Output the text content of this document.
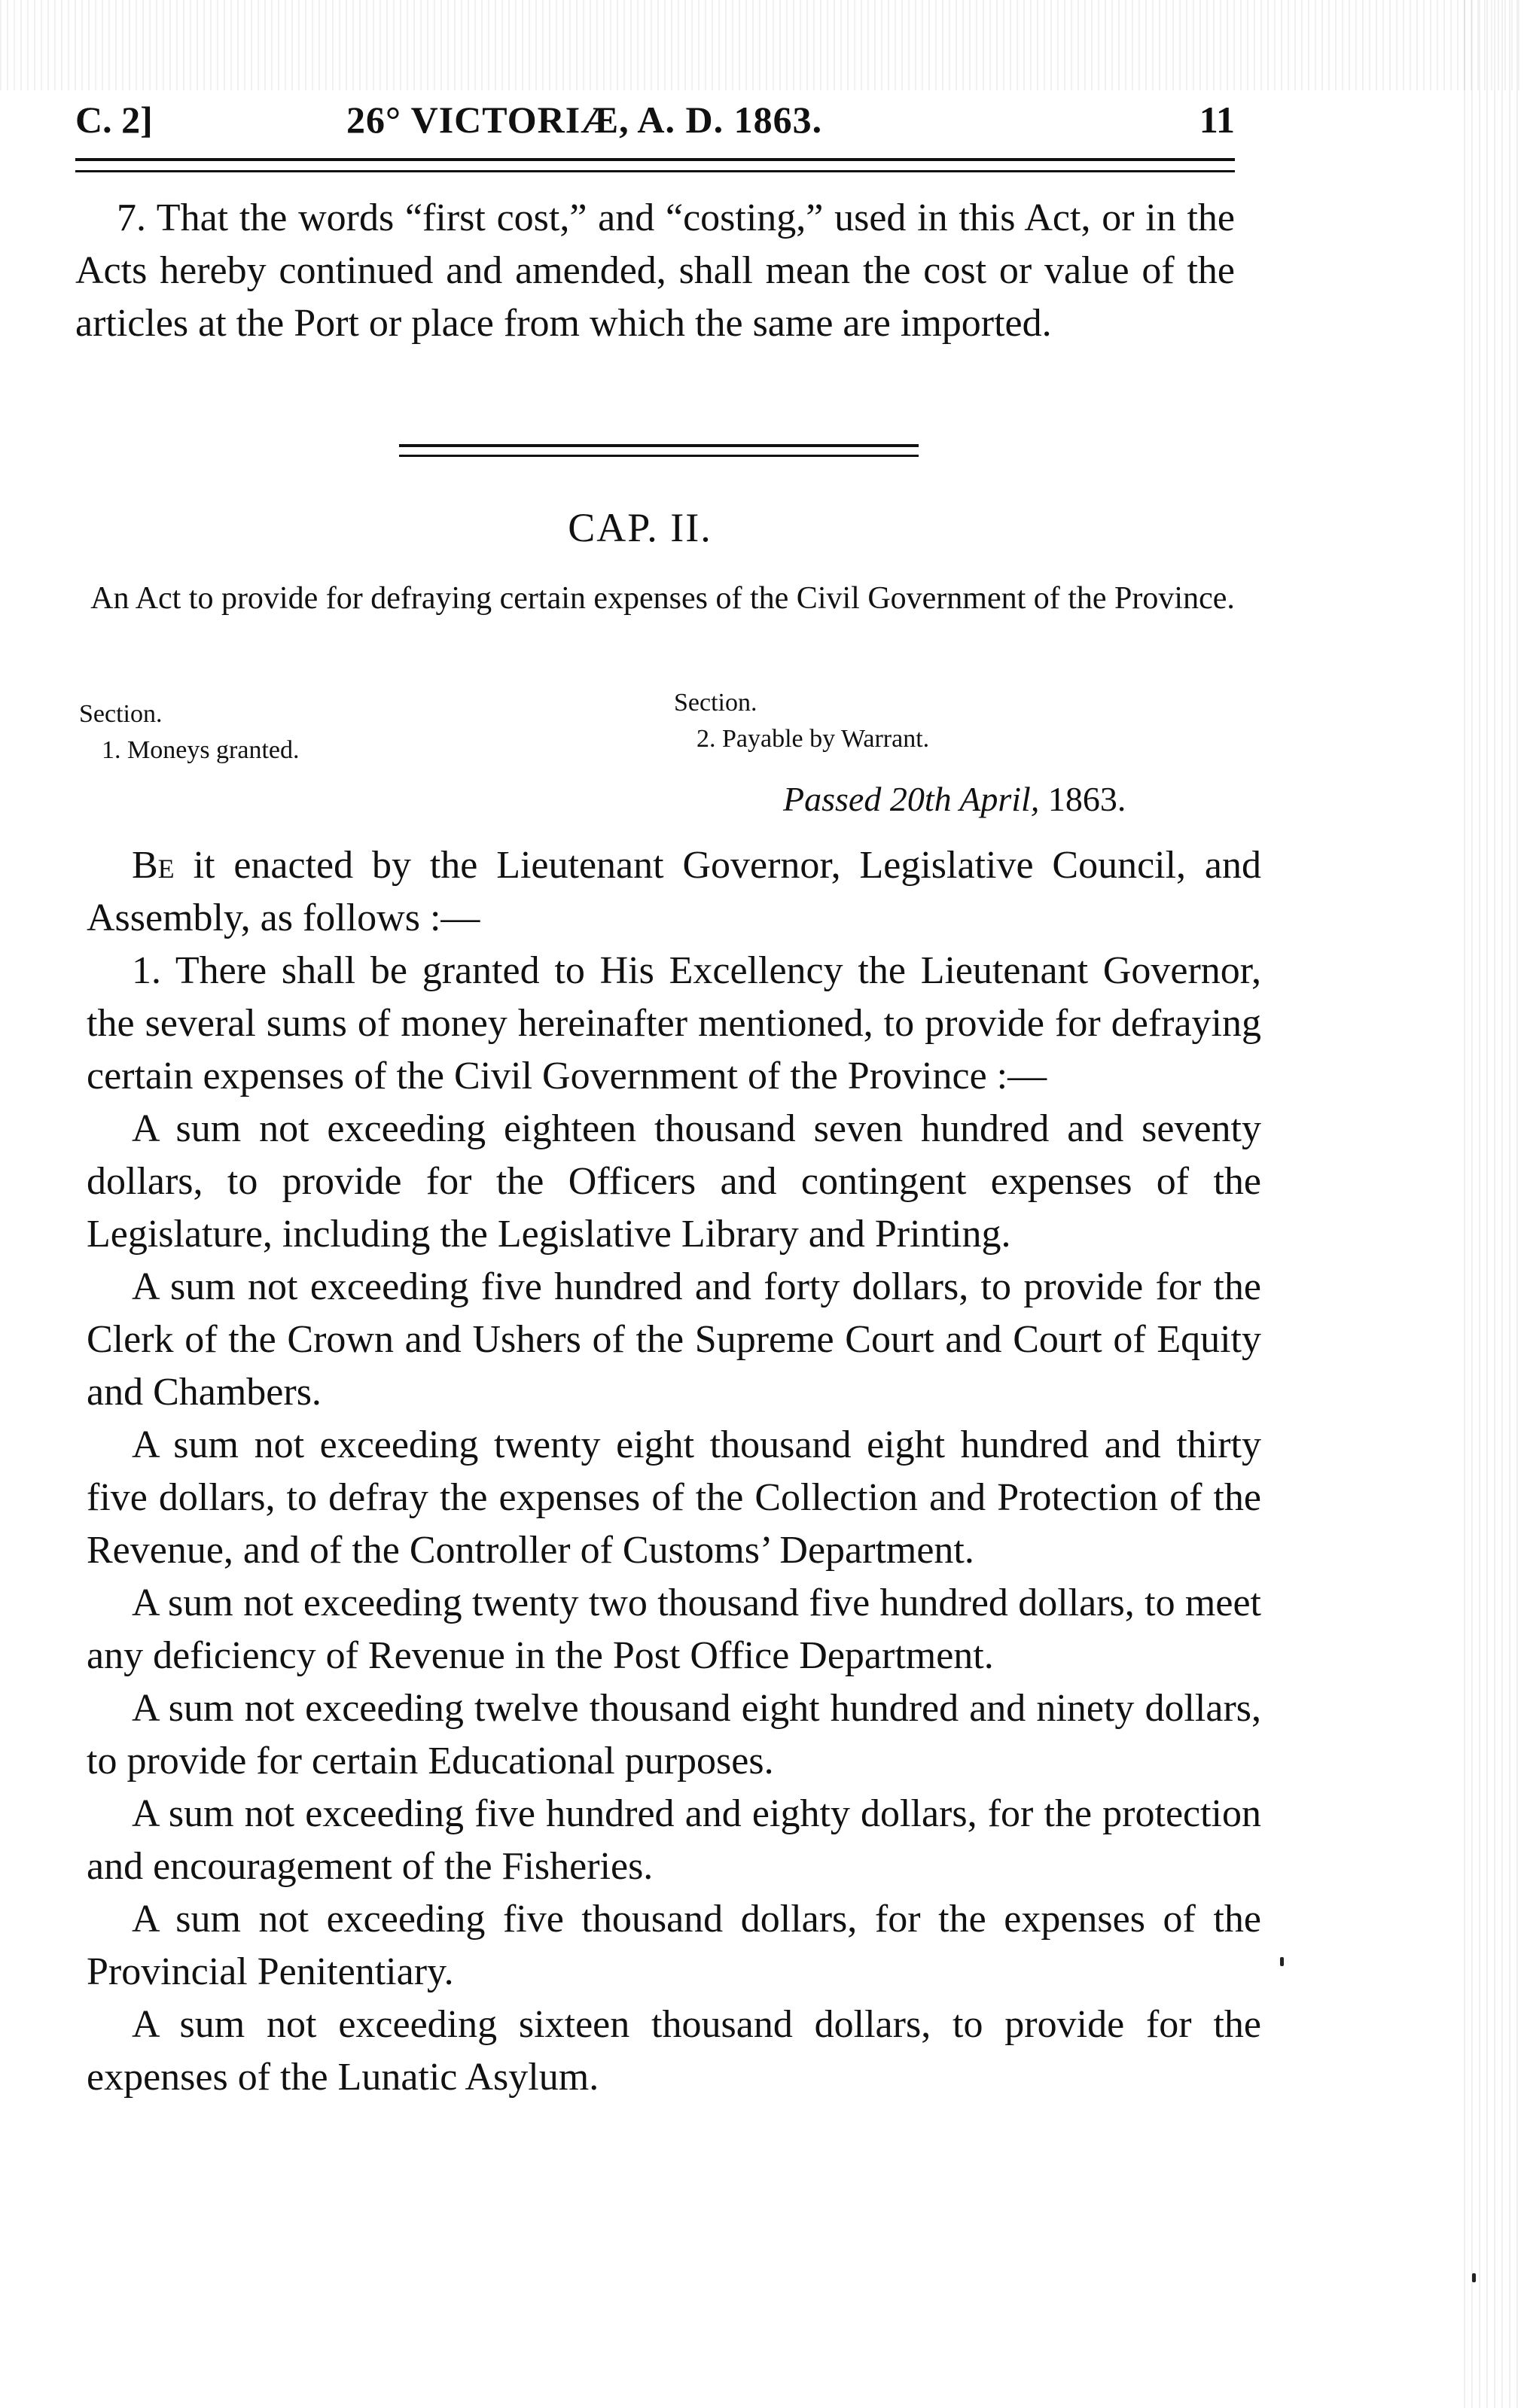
C. 2]	26° VICTORIÆ, A. D. 1863.	11
7. That the words “first cost,” and “costing,” used in this Act, or in the Acts hereby continued and amended, shall mean the cost or value of the articles at the Port or place from which the same are imported.
CAP. II.
An Act to provide for defraying certain expenses of the Civil Government of the Province.
Section.
1. Moneys granted.
Section.
2. Payable by Warrant.
Passed 20th April, 1863.

Be it enacted by the Lieutenant Governor, Legislative Council, and Assembly, as follows :—

1. There shall be granted to His Excellency the Lieutenant Governor, the several sums of money hereinafter mentioned, to provide for defraying certain expenses of the Civil Government of the Province :—

A sum not exceeding eighteen thousand seven hundred and seventy dollars, to provide for the Officers and contingent expenses of the Legislature, including the Legislative Library and Printing.

A sum not exceeding five hundred and forty dollars, to provide for the Clerk of the Crown and Ushers of the Supreme Court and Court of Equity and Chambers.

A sum not exceeding twenty eight thousand eight hundred and thirty five dollars, to defray the expenses of the Collection and Protection of the Revenue, and of the Controller of Customs’ Department.

A sum not exceeding twenty two thousand five hundred dollars, to meet any deficiency of Revenue in the Post Office Department.

A sum not exceeding twelve thousand eight hundred and ninety dollars, to provide for certain Educational purposes.

A sum not exceeding five hundred and eighty dollars, for the protection and encouragement of the Fisheries.

A sum not exceeding five thousand dollars, for the expenses of the Provincial Penitentiary.

A sum not exceeding sixteen thousand dollars, to provide for the expenses of the Lunatic Asylum.
